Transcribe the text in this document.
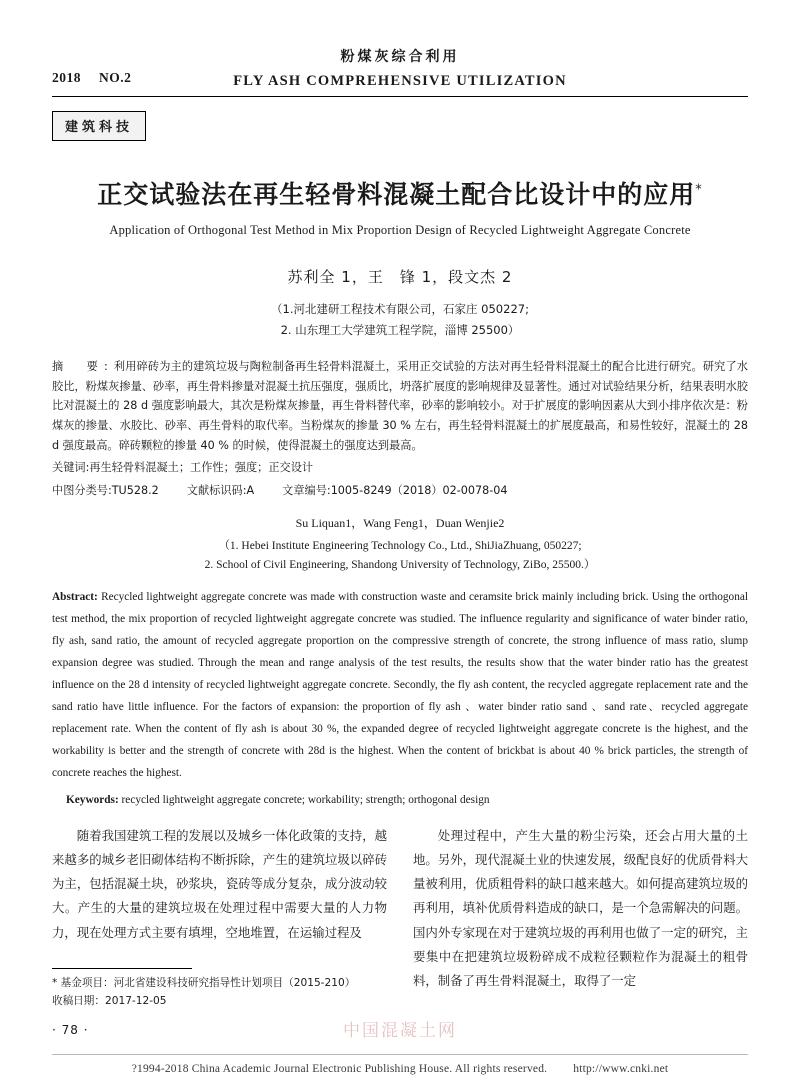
粉煤灰综合利用
FLY ASH COMPREHENSIVE UTILIZATION
2018 NO.2
建筑科技
正交试验法在再生轻骨料混凝土配合比设计中的应用*
Application of Orthogonal Test Method in Mix Proportion Design of Recycled Lightweight Aggregate Concrete
苏利全 1，王　锋 1，段文杰 2
（1.河北建研工程技术有限公司，石家庄 050227;
2. 山东理工大学建筑工程学院，淄博 25500）
摘　要:利用碎砖为主的建筑垃圾与陶粒制备再生轻骨料混凝土，采用正交试验的方法对再生轻骨料混凝土的配合比进行研究。研究了水胶比，粉煤灰掺量、砂率，再生骨料掺量对混凝土抗压强度，强质比，坍落扩展度的影响规律及显著性。通过对试验结果分析，结果表明水胶比对混凝土的 28 d 强度影响最大，其次是粉煤灰掺量，再生骨料替代率，砂率的影响较小。对于扩展度的影响因素从大到小排序依次是：粉煤灰的掺量、水胶比、砂率、再生骨料的取代率。当粉煤灰的掺量 30 % 左右，再生轻骨料混凝土的扩展度最高，和易性较好，混凝土的 28 d 强度最高。碎砖颗粒的掺量 40 % 的时候，使得混凝土的强度达到最高。
关键词:再生轻骨料混凝土；工作性；强度；正交设计
中图分类号:TU528.2	文献标识码:A	文章编号:1005-8249（2018）02-0078-04
Su Liquan1，Wang Feng1，Duan Wenjie2
（1. Hebei Institute Engineering Technology Co., Ltd., ShiJiaZhuang, 050227;
2. School of Civil Engineering, Shandong University of Technology, ZiBo, 25500.）
Abstract: Recycled lightweight aggregate concrete was made with construction waste and ceramsite brick mainly including brick. Using the orthogonal test method, the mix proportion of recycled lightweight aggregate concrete was studied. The influence regularity and significance of water binder ratio, fly ash, sand ratio, the amount of recycled aggregate proportion on the compressive strength of concrete, the strong influence of mass ratio, slump expansion degree was studied. Through the mean and range analysis of the test results, the results show that the water binder ratio has the greatest influence on the 28 d intensity of recycled lightweight aggregate concrete. Secondly, the fly ash content, the recycled aggregate replacement rate and the sand ratio have little influence. For the factors of expansion: the proportion of fly ash 、water binder ratio sand 、sand rate、recycled aggregate replacement rate. When the content of fly ash is about 30 %, the expanded degree of recycled lightweight aggregate concrete is the highest, and the workability is better and the strength of concrete with 28d is the highest. When the content of brickbat is about 40 % brick particles, the strength of concrete reaches the highest.
Keywords: recycled lightweight aggregate concrete; workability; strength; orthogonal design

随着我国建筑工程的发展以及城乡一体化政策的支持，越来越多的城乡老旧砌体结构不断拆除，产生的建筑垃圾以碎砖为主，包括混凝土块，砂浆块，瓷砖等成分复杂，成分波动较大。产生的大量的建筑垃圾在处理过程中需要大量的人力物力，现在处理方式主要有填埋，空地堆置，在运输过程及

处理过程中，产生大量的粉尘污染，还会占用大量的土地。另外，现代混凝土业的快速发展，级配良好的优质骨料大量被利用，优质粗骨料的缺口越来越大。如何提高建筑垃圾的再利用，填补优质骨料造成的缺口，是一个急需解决的问题。国内外专家现在对于建筑垃圾的再利用也做了一定的研究，主要集中在把建筑垃圾粉碎成不成粒径颗粒作为混凝土的粗骨料，制备了再生骨料混凝土，取得了一定

* 基金项目：河北省建设科技研究指导性计划项目（2015-210）
收稿日期：2017-12-05
· 78 ·	中国混凝土网
?1994-2018 China Academic Journal Electronic Publishing House. All rights reserved. http://www.cnki.net
